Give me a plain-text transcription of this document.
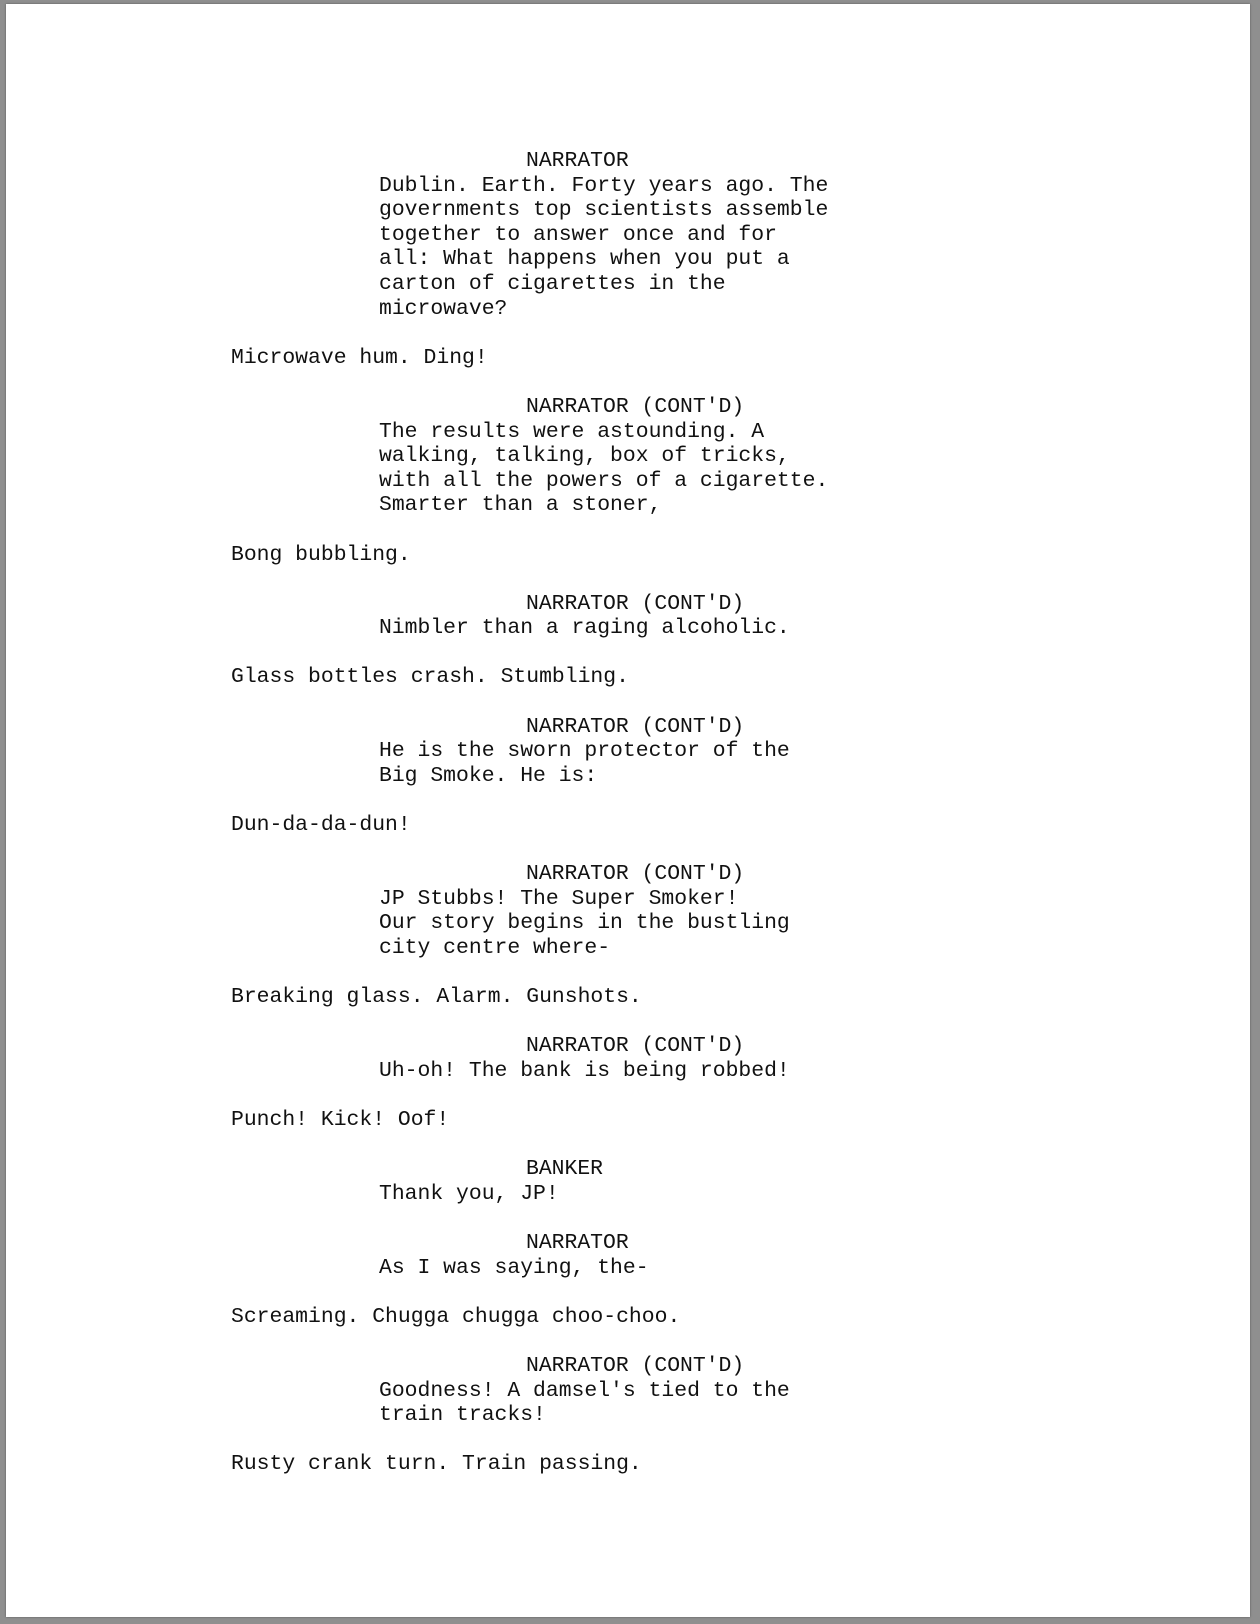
NARRATOR
Dublin. Earth. Forty years ago. The
governments top scientists assemble
together to answer once and for
all: What happens when you put a
carton of cigarettes in the
microwave?
Microwave hum. Ding!
NARRATOR (CONT'D)
The results were astounding. A
walking, talking, box of tricks,
with all the powers of a cigarette.
Smarter than a stoner,
Bong bubbling.
NARRATOR (CONT'D)
Nimbler than a raging alcoholic.
Glass bottles crash. Stumbling.
NARRATOR (CONT'D)
He is the sworn protector of the
Big Smoke. He is:
Dun-da-da-dun!
NARRATOR (CONT'D)
JP Stubbs! The Super Smoker!
Our story begins in the bustling
city centre where-
Breaking glass. Alarm. Gunshots.
NARRATOR (CONT'D)
Uh-oh! The bank is being robbed!
Punch! Kick! Oof!
BANKER
Thank you, JP!
NARRATOR
As I was saying, the-
Screaming. Chugga chugga choo-choo.
NARRATOR (CONT'D)
Goodness! A damsel's tied to the
train tracks!
Rusty crank turn. Train passing.
